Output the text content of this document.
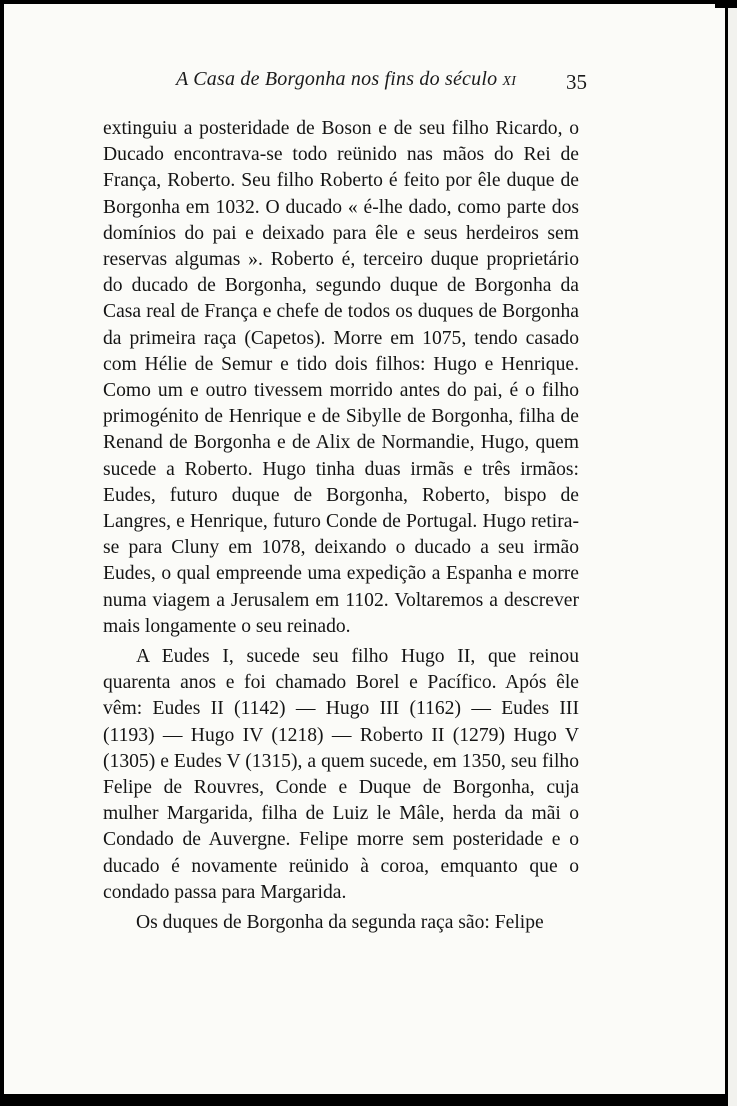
A Casa de Borgonha nos fins do século XI 35

extinguiu a posteridade de Boson e de seu filho Ricardo, o Ducado encontrava-se todo reünido nas mãos do Rei de França, Roberto. Seu filho Roberto é feito por êle duque de Borgonha em 1032. O ducado « é-lhe dado, como parte dos domínios do pai e deixado para êle e seus herdeiros sem reservas algumas ». Roberto é, terceiro duque proprietário do ducado de Borgonha, segundo duque de Borgonha da Casa real de França e chefe de todos os duques de Borgonha da primeira raça (Capetos). Morre em 1075, tendo casado com Hélie de Semur e tido dois filhos: Hugo e Henrique. Como um e outro tivessem morrido antes do pai, é o filho primogénito de Henrique e de Sibylle de Borgonha, filha de Renand de Borgonha e de Alix de Normandie, Hugo, quem sucede a Roberto. Hugo tinha duas irmãs e três irmãos: Eudes, futuro duque de Borgonha, Roberto, bispo de Langres, e Henrique, futuro Conde de Portugal. Hugo retira-se para Cluny em 1078, deixando o ducado a seu irmão Eudes, o qual empreende uma expedição a Espanha e morre numa viagem a Jerusalem em 1102. Voltaremos a descrever mais longamente o seu reinado.

A Eudes I, sucede seu filho Hugo II, que reinou quarenta anos e foi chamado Borel e Pacífico. Após êle vêm: Eudes II (1142) — Hugo III (1162) — Eudes III (1193) — Hugo IV (1218) — Roberto II (1279) Hugo V (1305) e Eudes V (1315), a quem sucede, em 1350, seu filho Felipe de Rouvres, Conde e Duque de Borgonha, cuja mulher Margarida, filha de Luiz le Mâle, herda da mãi o Condado de Auvergne. Felipe morre sem posteridade e o ducado é novamente reünido à coroa, emquanto que o condado passa para Margarida.

Os duques de Borgonha da segunda raça são: Felipe
